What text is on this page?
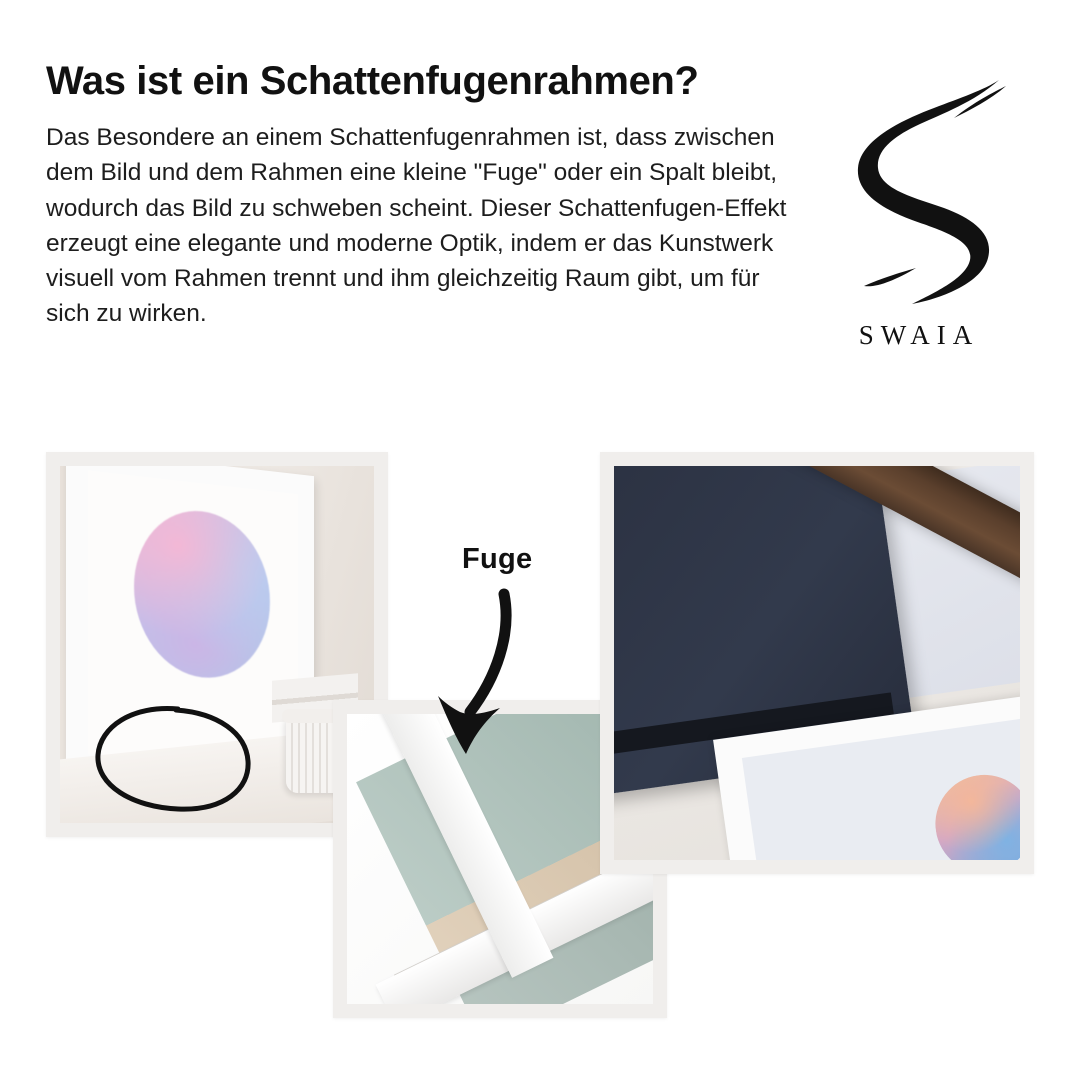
Was ist ein Schattenfugenrahmen?
Das Besondere an einem Schattenfugenrahmen ist, dass zwischen dem Bild und dem Rahmen eine kleine "Fuge" oder ein Spalt bleibt, wodurch das Bild zu schweben scheint. Dieser Schattenfugen-Effekt erzeugt eine elegante und moderne Optik, indem er das Kunstwerk visuell vom Rahmen trennt und ihm gleichzeitig Raum gibt, um für sich zu wirken.
SWAIA
Fuge
